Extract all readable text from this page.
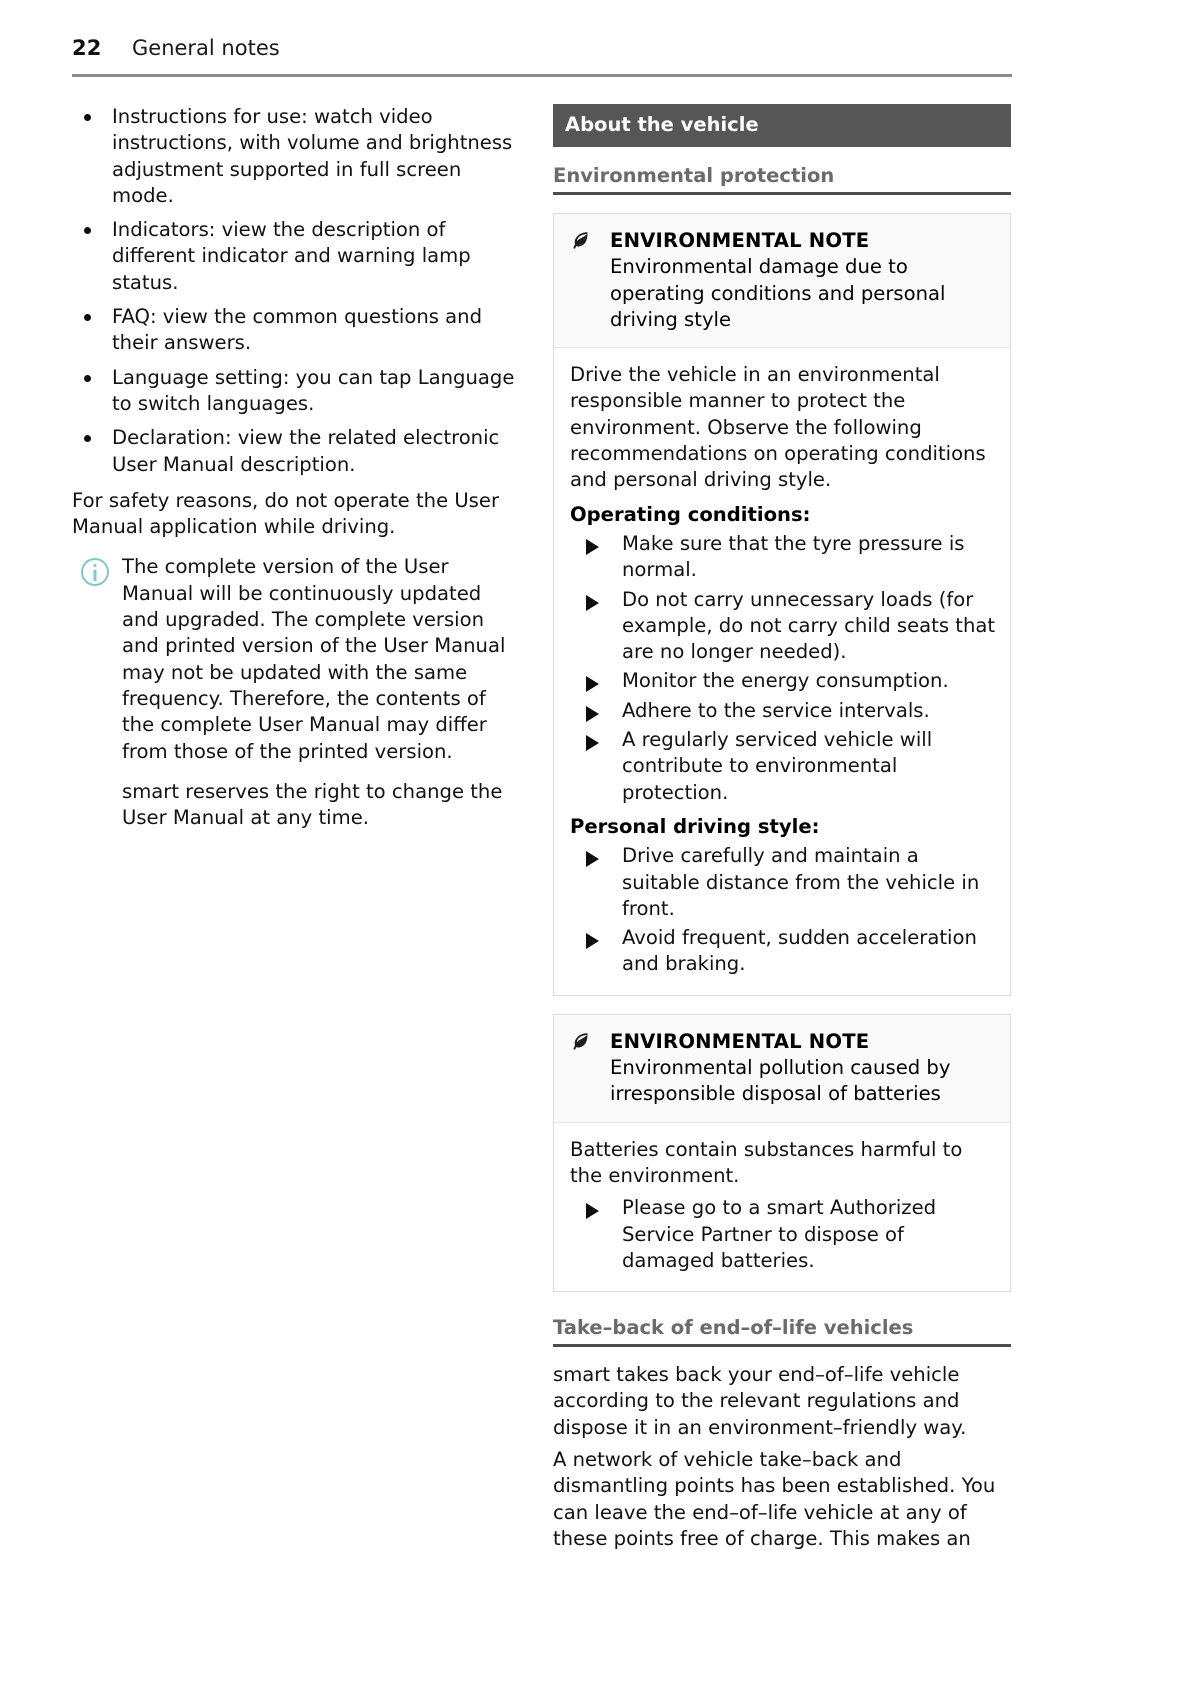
22	General notes
Instructions for use: watch video instructions, with volume and brightness adjustment supported in full screen mode.
Indicators: view the description of different indicator and warning lamp status.
FAQ: view the common questions and their answers.
Language setting: you can tap Language to switch languages.
Declaration: view the related electronic User Manual description.

For safety reasons, do not operate the User Manual application while driving.

The complete version of the User Manual will be continuously updated and upgraded. The complete version and printed version of the User Manual may not be updated with the same frequency. Therefore, the contents of the complete User Manual may differ from those of the printed version.

smart reserves the right to change the User Manual at any time.

About the vehicle
Environmental protection
ENVIRONMENTAL NOTE Environmental damage due to operating conditions and personal driving style

Drive the vehicle in an environmental responsible manner to protect the environment. Observe the following recommendations on operating conditions and personal driving style.

Operating conditions:
Make sure that the tyre pressure is normal.
Do not carry unnecessary loads (for example, do not carry child seats that are no longer needed).
Monitor the energy consumption.
Adhere to the service intervals.
A regularly serviced vehicle will contribute to environmental protection.
Personal driving style:
Drive carefully and maintain a suitable distance from the vehicle in front.
Avoid frequent, sudden acceleration and braking.
ENVIRONMENTAL NOTE Environmental pollution caused by irresponsible disposal of batteries

Batteries contain substances harmful to the environment.

Please go to a smart Authorized Service Partner to dispose of damaged batteries.
Take–back of end–of–life vehicles

smart takes back your end–of–life vehicle according to the relevant regulations and dispose it in an environment–friendly way.

A network of vehicle take–back and dismantling points has been established. You can leave the end–of–life vehicle at any of these points free of charge. This makes an
